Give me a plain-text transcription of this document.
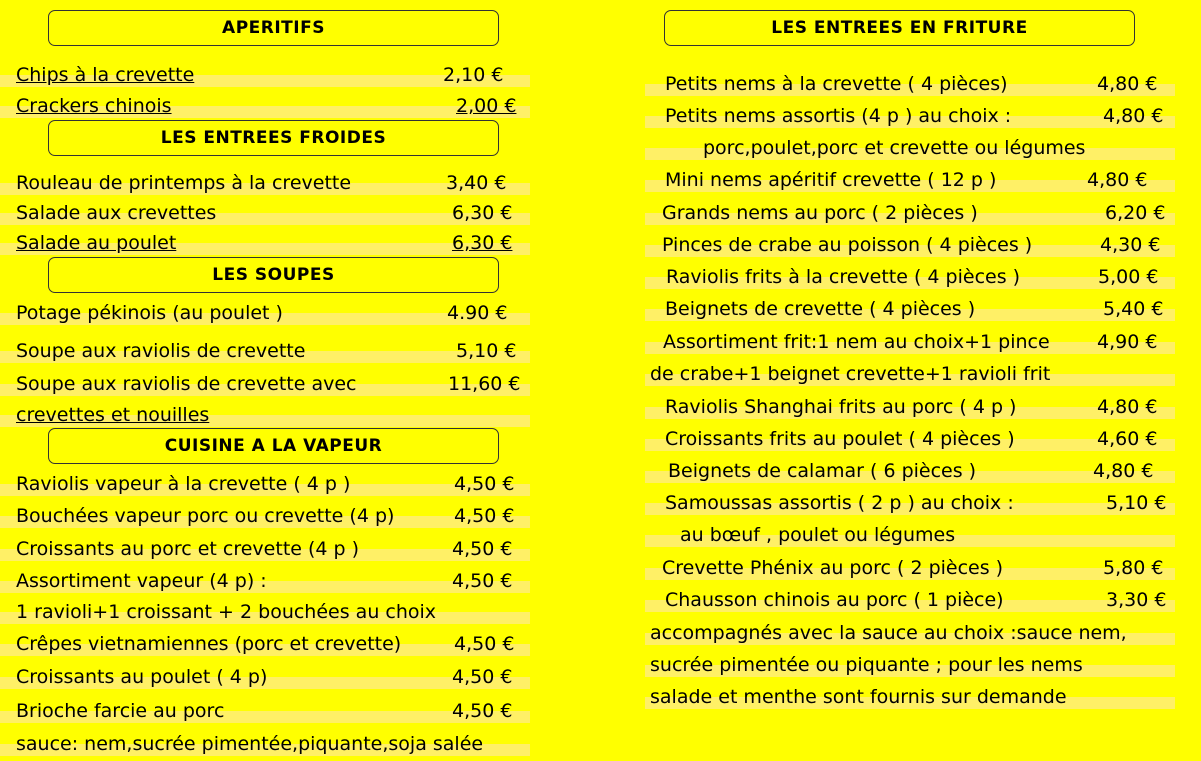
APERITIFS
Chips à la crevette	2,10 €
Crackers chinois	2,00 €
LES ENTREES FROIDES
Rouleau de printemps à la crevette	3,40 €
Salade aux crevettes	6,30 €
Salade au poulet	6,30 €
LES SOUPES
Potage pékinois (au poulet )	4.90 €
Soupe aux raviolis de crevette	5,10 €
Soupe aux raviolis de crevette avec	11,60 €
crevettes et nouilles
CUISINE A LA VAPEUR
Raviolis vapeur à la crevette ( 4 p )	4,50 €
Bouchées vapeur porc ou crevette (4 p)	4,50 €
Croissants au porc et crevette (4 p )	4,50 €
Assortiment vapeur (4 p) :	4,50 €
1 ravioli+1 croissant + 2 bouchées au choix
Crêpes vietnamiennes (porc et crevette)	4,50 €
Croissants au poulet ( 4 p)	4,50 €
Brioche farcie au porc	4,50 €
sauce: nem,sucrée pimentée,piquante,soja salée
LES ENTREES EN FRITURE
Petits nems à la crevette ( 4 pièces)	4,80 €
Petits nems assortis (4 p ) au choix :	4,80 €
porc,poulet,porc et crevette ou légumes
Mini nems apéritif crevette ( 12 p )	4,80 €
Grands nems au porc ( 2 pièces )	6,20 €
Pinces de crabe au poisson ( 4 pièces )	4,30 €
Raviolis frits à la crevette ( 4 pièces )	5,00 €
Beignets de crevette ( 4 pièces )	5,40 €
Assortiment frit:1 nem au choix+1 pince 4,90 €
de crabe+1 beignet crevette+1 ravioli frit
Raviolis Shanghai frits au porc ( 4 p )	4,80 €
Croissants frits au poulet ( 4 pièces )	4,60 €
Beignets de calamar ( 6 pièces )	4,80 €
Samoussas assortis ( 2 p ) au choix :	5,10 €
au bœuf , poulet ou légumes
Crevette Phénix au porc ( 2 pièces )	5,80 €
Chausson chinois au porc ( 1 pièce)	3,30 €
accompagnés avec la sauce au choix :sauce nem,
sucrée pimentée ou piquante ; pour les nems
salade et menthe sont fournis sur demande
